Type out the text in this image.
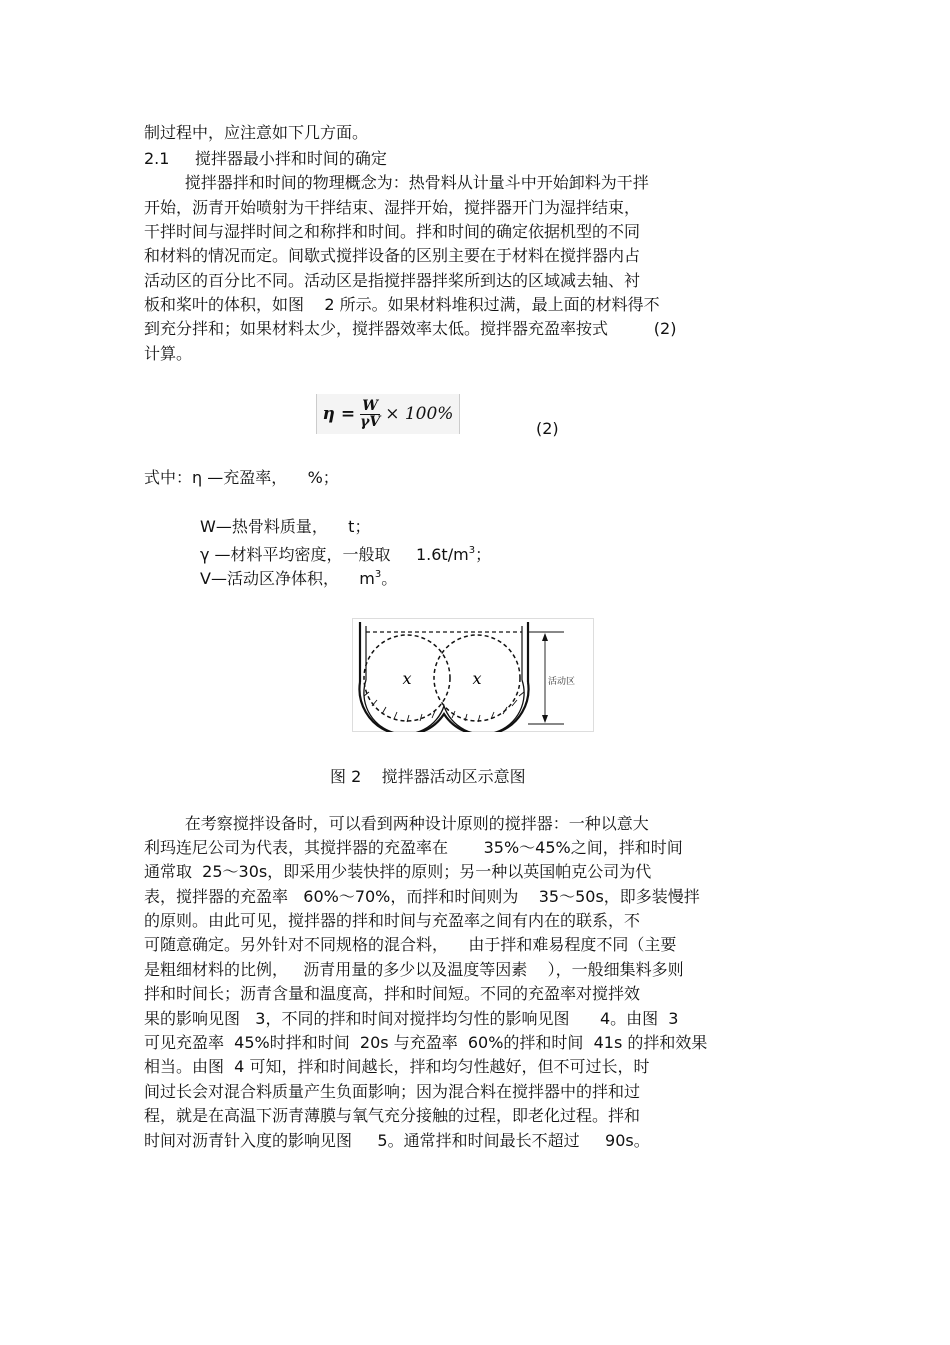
制过程中，应注意如下几方面。
2.1     搅拌器最小拌和时间的确定
搅拌器拌和时间的物理概念为：热骨料从计量斗中开始卸料为干拌
开始，沥青开始喷射为干拌结束、湿拌开始，搅拌器开门为湿拌结束，
干拌时间与湿拌时间之和称拌和时间。拌和时间的确定依据机型的不同
和材料的情况而定。间歇式搅拌设备的区别主要在于材料在搅拌器内占
活动区的百分比不同。活动区是指搅拌器拌桨所到达的区域减去轴、衬
板和桨叶的体积，如图    2 所示。如果材料堆积过满，最上面的材料得不
到充分拌和；如果材料太少，搅拌器效率太低。搅拌器充盈率按式         (2)
计算。
$\eta = \frac{W}{\gamma V} \times 100\%$
(2)
式中：η —充盈率，    %；
W—热骨料质量，    t；
γ —材料平均密度，一般取     $1.6t/m^3$；
V—活动区净体积，    $m^3$。
x	x	活动区
图 2    搅拌器活动区示意图
在考察搅拌设备时，可以看到两种设计原则的搅拌器：一种以意大
利玛连尼公司为代表，其搅拌器的充盈率在       35%～45%之间，拌和时间
通常取  25～30s，即采用少装快拌的原则；另一种以英国帕克公司为代
表，搅拌器的充盈率   60%～70%，而拌和时间则为    35～50s，即多装慢拌
的原则。由此可见，搅拌器的拌和时间与充盈率之间有内在的联系，不
可随意确定。另外针对不同规格的混合料，    由于拌和难易程度不同（主要
是粗细材料的比例，   沥青用量的多少以及温度等因素    ），一般细集料多则
拌和时间长；沥青含量和温度高，拌和时间短。不同的充盈率对搅拌效
果的影响见图   3，不同的拌和时间对搅拌均匀性的影响见图      4。由图  3
可见充盈率  45%时拌和时间  20s 与充盈率  60%的拌和时间  41s 的拌和效果
相当。由图  4 可知，拌和时间越长，拌和均匀性越好，但不可过长，时
间过长会对混合料质量产生负面影响；因为混合料在搅拌器中的拌和过
程，就是在高温下沥青薄膜与氧气充分接触的过程，即老化过程。拌和
时间对沥青针入度的影响见图     5。通常拌和时间最长不超过     90s。
